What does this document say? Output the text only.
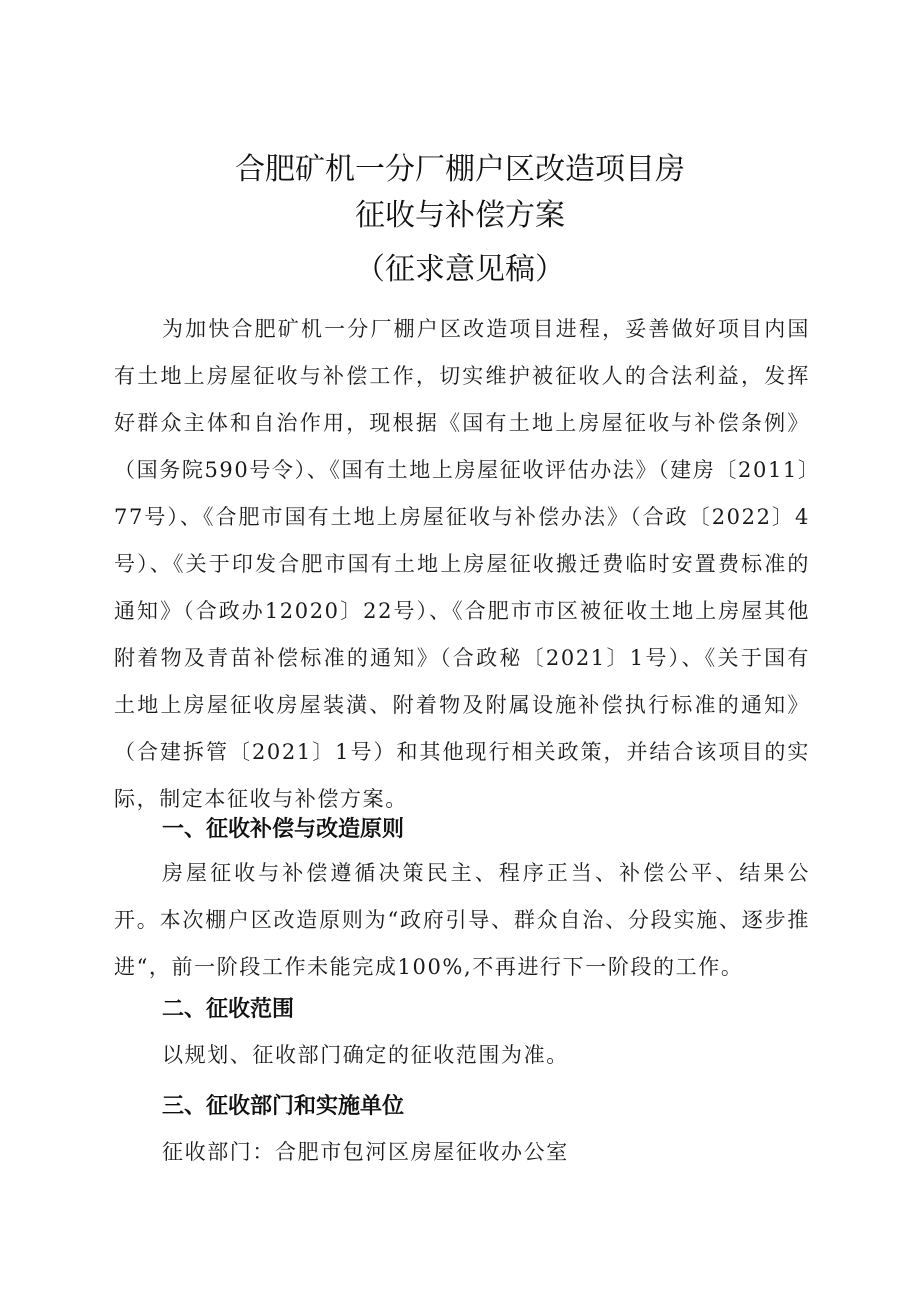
合肥矿机一分厂棚户区改造项目房
征收与补偿方案
（征求意见稿）

为加快合肥矿机一分厂棚户区改造项目进程，妥善做好项目内国有土地上房屋征收与补偿工作，切实维护被征收人的合法利益，发挥好群众主体和自治作用，现根据《国有土地上房屋征收与补偿条例》（国务院590号令）、《国有土地上房屋征收评估办法》（建房〔2011〕77号）、《合肥市国有土地上房屋征收与补偿办法》（合政〔2022〕4号）、《关于印发合肥市国有土地上房屋征收搬迁费临时安置费标准的通知》（合政办12020〕22号）、《合肥市市区被征收土地上房屋其他附着物及青苗补偿标准的通知》（合政秘〔2021〕1号）、《关于国有土地上房屋征收房屋装潢、附着物及附属设施补偿执行标准的通知》（合建拆管〔2021〕1号）和其他现行相关政策，并结合该项目的实际，制定本征收与补偿方案。

一、征收补偿与改造原则

房屋征收与补偿遵循决策民主、程序正当、补偿公平、结果公开。本次棚户区改造原则为“政府引导、群众自治、分段实施、逐步推进“，前一阶段工作未能完成100%,不再进行下一阶段的工作。

二、征收范围

以规划、征收部门确定的征收范围为准。

三、征收部门和实施单位

征收部门：合肥市包河区房屋征收办公室
